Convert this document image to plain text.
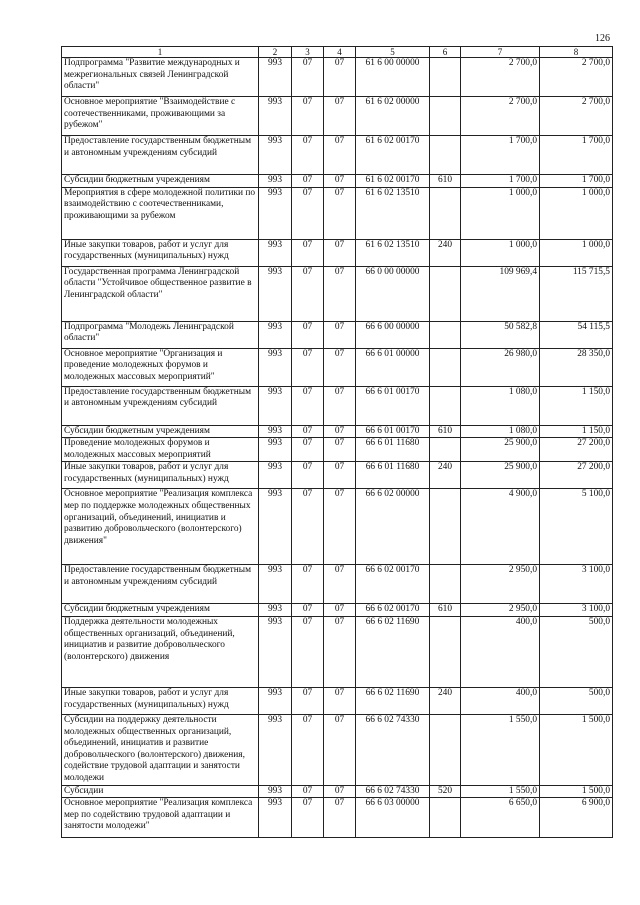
126
1	2	3	4	5	6	7	8
Подпрограмма "Развитие международных и межрегиональных связей Ленинградской области"	993	07	07	61 6 00 00000		2 700,0	2 700,0
Основное мероприятие "Взаимодействие с соотечественниками, проживающими за рубежом"	993	07	07	61 6 02 00000		2 700,0	2 700,0
Предоставление государственным бюджетным и автономным учреждениям субсидий	993	07	07	61 6 02 00170		1 700,0	1 700,0
Субсидии бюджетным учреждениям	993	07	07	61 6 02 00170	610	1 700,0	1 700,0
Мероприятия в сфере молодежной политики по взаимодействию с соотечественниками, проживающими за рубежом	993	07	07	61 6 02 13510		1 000,0	1 000,0
Иные закупки товаров, работ и услуг для государственных (муниципальных) нужд	993	07	07	61 6 02 13510	240	1 000,0	1 000,0
Государственная программа Ленинградской области "Устойчивое общественное развитие в Ленинградской области"	993	07	07	66 0 00 00000		109 969,4	115 715,5
Подпрограмма "Молодежь Ленинградской области"	993	07	07	66 6 00 00000		50 582,8	54 115,5
Основное мероприятие "Организация и проведение молодежных форумов и молодежных массовых мероприятий"	993	07	07	66 6 01 00000		26 980,0	28 350,0
Предоставление государственным бюджетным и автономным учреждениям субсидий	993	07	07	66 6 01 00170		1 080,0	1 150,0
Субсидии бюджетным учреждениям	993	07	07	66 6 01 00170	610	1 080,0	1 150,0
Проведение молодежных форумов и молодежных массовых мероприятий	993	07	07	66 6 01 11680		25 900,0	27 200,0
Иные закупки товаров, работ и услуг для государственных (муниципальных) нужд	993	07	07	66 6 01 11680	240	25 900,0	27 200,0
Основное мероприятие "Реализация комплекса мер по поддержке молодежных общественных организаций, объединений, инициатив и развитию добровольческого (волонтерского) движения"	993	07	07	66 6 02 00000		4 900,0	5 100,0
Предоставление государственным бюджетным и автономным учреждениям субсидий	993	07	07	66 6 02 00170		2 950,0	3 100,0
Субсидии бюджетным учреждениям	993	07	07	66 6 02 00170	610	2 950,0	3 100,0
Поддержка деятельности молодежных общественных организаций, объединений, инициатив и развитие добровольческого (волонтерского) движения	993	07	07	66 6 02 11690		400,0	500,0
Иные закупки товаров, работ и услуг для государственных (муниципальных) нужд	993	07	07	66 6 02 11690	240	400,0	500,0
Субсидии на поддержку деятельности молодежных общественных организаций, объединений, инициатив и развитие добровольческого (волонтерского) движения, содействие трудовой адаптации и занятости молодежи	993	07	07	66 6 02 74330		1 550,0	1 500,0
Субсидии	993	07	07	66 6 02 74330	520	1 550,0	1 500,0
Основное мероприятие "Реализация комплекса мер по содействию трудовой адаптации и занятости молодежи"	993	07	07	66 6 03 00000		6 650,0	6 900,0
